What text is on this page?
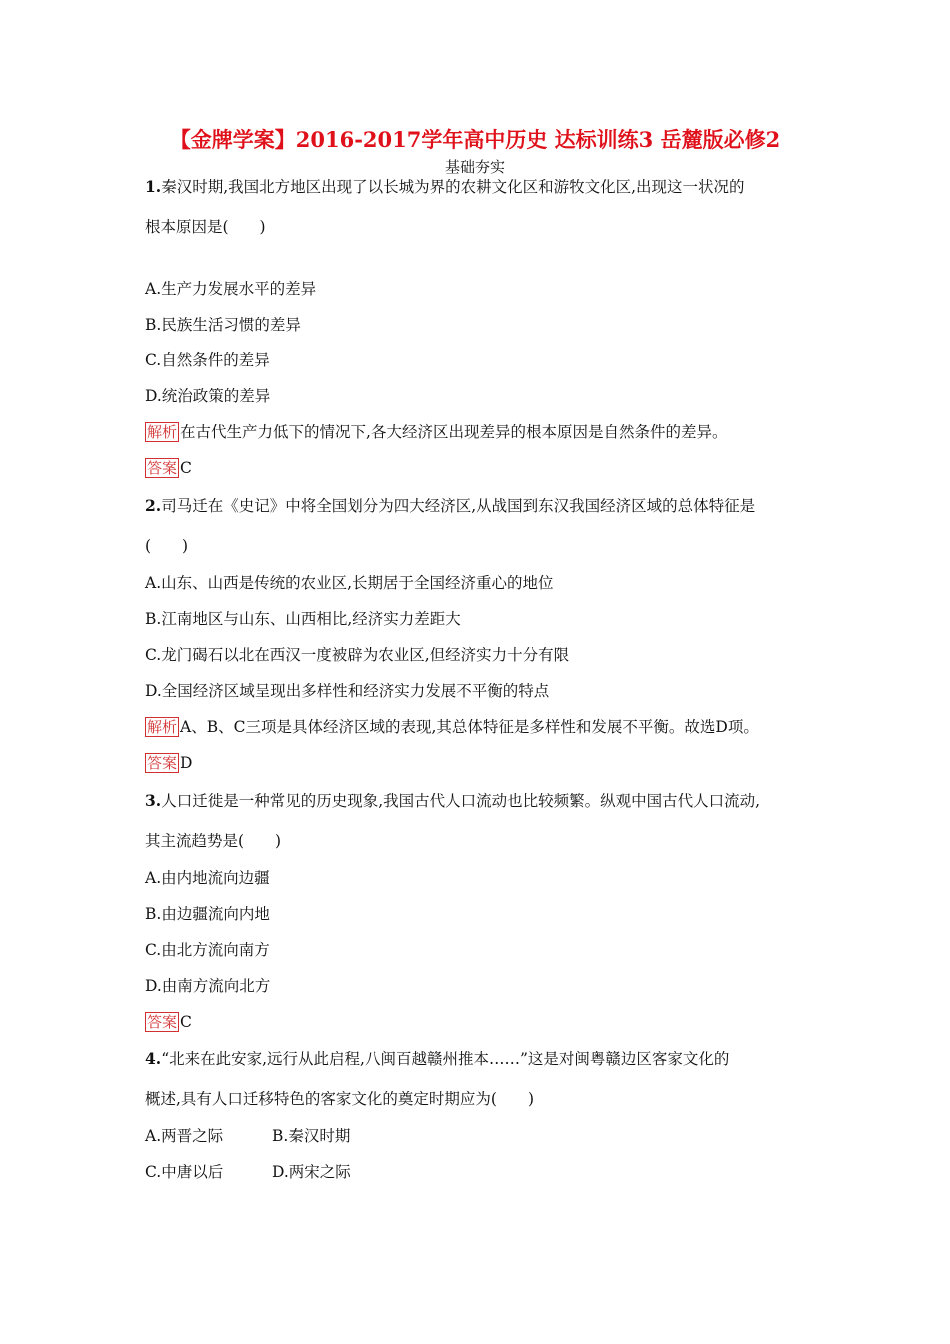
【金牌学案】2016-2017学年高中历史 达标训练3 岳麓版必修2
基础夯实
1.秦汉时期,我国北方地区出现了以长城为界的农耕文化区和游牧文化区,出现这一状况的
根本原因是(　　)
A.生产力发展水平的差异
B.民族生活习惯的差异
C.自然条件的差异
D.统治政策的差异
解析 在古代生产力低下的情况下,各大经济区出现差异的根本原因是自然条件的差异。
答案 C
2.司马迁在《史记》中将全国划分为四大经济区,从战国到东汉我国经济区域的总体特征是
(　　)
A.山东、山西是传统的农业区,长期居于全国经济重心的地位
B.江南地区与山东、山西相比,经济实力差距大
C.龙门碣石以北在西汉一度被辟为农业区,但经济实力十分有限
D.全国经济区域呈现出多样性和经济实力发展不平衡的特点
解析 A、B、C三项是具体经济区域的表现,其总体特征是多样性和发展不平衡。故选D项。
答案 D
3.人口迁徙是一种常见的历史现象,我国古代人口流动也比较频繁。纵观中国古代人口流动,
其主流趋势是(　　)
A.由内地流向边疆
B.由边疆流向内地
C.由北方流向南方
D.由南方流向北方
答案 C
4.“北来在此安家,远行从此启程,八闽百越赣州推本……”这是对闽粤赣边区客家文化的
概述,具有人口迁移特色的客家文化的奠定时期应为(　　)
A.两晋之际	B.秦汉时期
C.中唐以后	D.两宋之际
